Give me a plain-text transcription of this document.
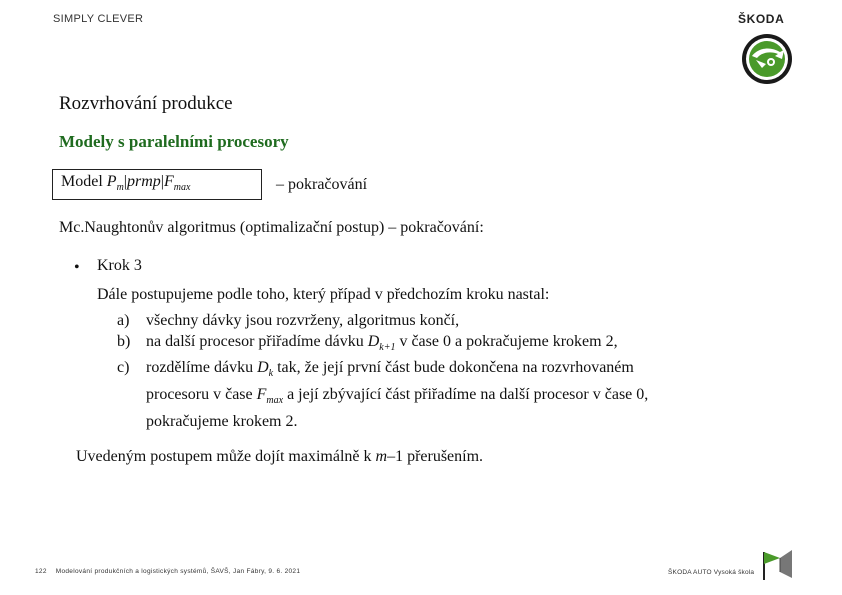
SIMPLY CLEVER	ŠKODA
Rozvrhování produkce
Modely s paralelními procesory
Model $P_m|prmp|F_{max}$	– pokračování
Mc.Naughtonův algoritmus (optimalizační postup) – pokračování:
• Krok 3
Dále postupujeme podle toho, který případ v předchozím kroku nastal:
a)	všechny dávky jsou rozvrženy, algoritmus končí,
b) na další procesor přiřadíme dávku $D_{k+1}$ v čase 0 a pokračujeme krokem 2,
c)	rozdělíme dávku $D_k$ tak, že její první část bude dokončena na rozvrhovaném
procesoru v čase $F_{max}$ a její zbývající část přiřadíme na další procesor v čase 0,
pokračujeme krokem 2.
Uvedeným postupem může dojít maximálně k m–1 přerušením.
122 Modelování produkčních a logistických systémů, ŠAVŠ, Jan Fábry, 9. 6. 2021	ŠKODA AUTO Vysoká škola
